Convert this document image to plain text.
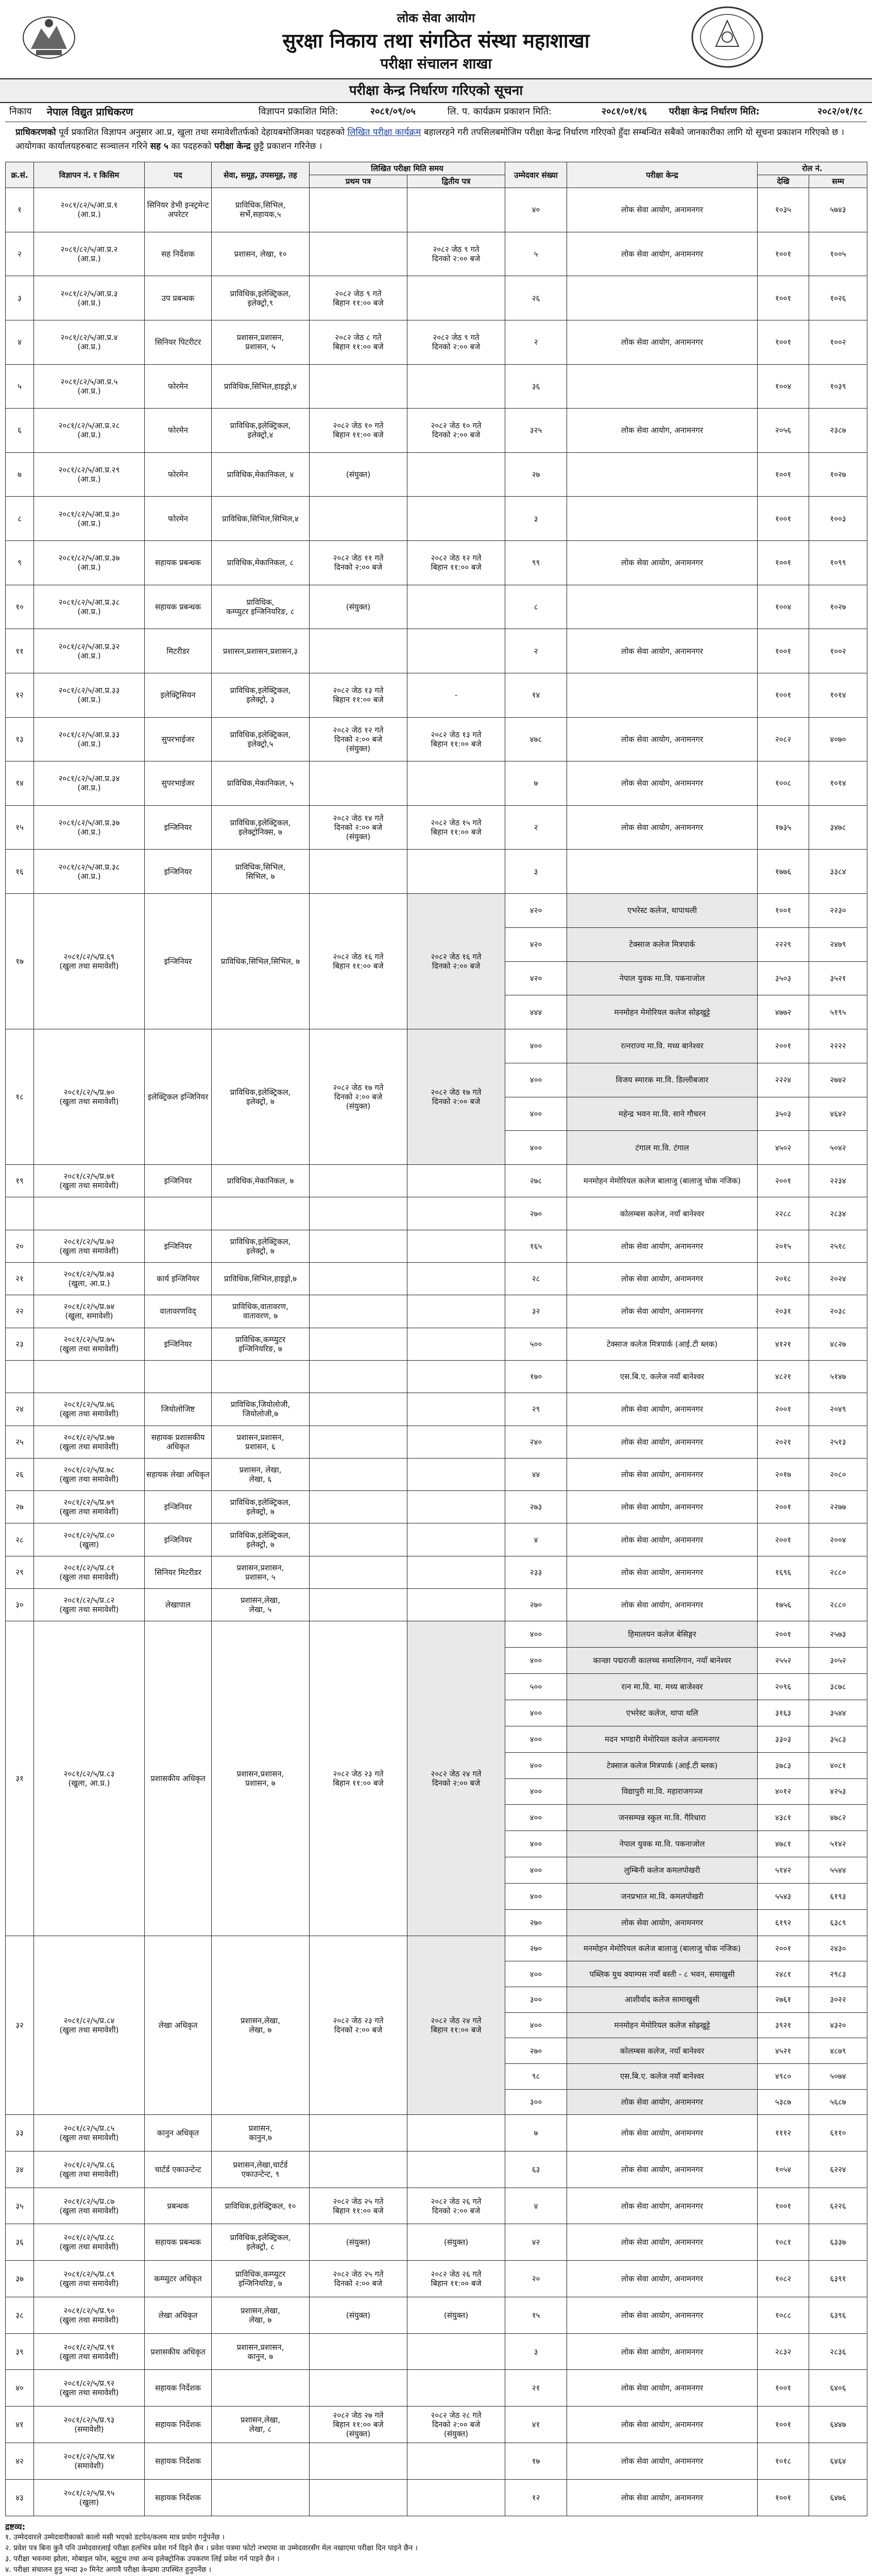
लोक सेवा आयोग
सुरक्षा निकाय तथा संगठित संस्था महाशाखा
परीक्षा संचालन शाखा
परीक्षा केन्द्र निर्धारण गरिएको सूचना
निकाय	नेपाल विद्युत प्राधिकरण	विज्ञापन प्रकाशित मिति:	२०८१/०९/०५	लि. प. कार्यक्रम प्रकाशन मिति:	२०८१/०१/१६	परीक्षा केन्द्र निर्धारण मिति:	२०८२/०१/१८
प्राधिकरणको पूर्व प्रकाशित विज्ञापन अनुसार आ.प्र, खुला तथा समावेशीतर्फको देहायबमोजिमका पदहरुको लिखित परीक्षा कार्यक्रम बहालरहने गरी तपसिलबमोजिम परीक्षा केन्द्र निर्धारण गरिएको हुँदा सम्बन्धित सबैको जानकारीका लागि यो सूचना प्रकाशन गरिएको छ । आयोगका कार्यालयहरुबाट सञ्चालन गरिने सह ५ का पदहरुको परीक्षा केन्द्र छुट्टै प्रकाशन गरिनेछ ।
क्र.सं.	विज्ञापन नं. र किसिम	पद	सेवा, समूह, उपसमूह, तह	लिखित परीक्षा मिति समय		उम्मेदवार संख्या	परीक्षा केन्द्र	रोल नं.	
				प्रथम पत्र	द्वितीय पत्र			देखि	सम्म
१	२०८१/८२/५/आ.प्र.१
(आ.प्र.)	सिनियर डेभी इन्स्ट्रमेन्ट अपरेटर	प्राविधिक,सिभिल,
सर्भे,सहायक,५			४०	लोक सेवा आयोग, अनामनगर	१०३५	५७४३
२	२०८१/८२/५/आ.प्र.२
(आ.प्र.)	सह निर्देशक	प्रशासन, लेखा, १०		२०८२ जेठ ९ गते
दिनको २:०० बजे	५	लोक सेवा आयोग, अनामनगर	१००१	१००५
३	२०८१/८२/५/आ.प्र.३
(आ.प्र.)	उप प्रबन्धक	प्राविधिक,इलेक्ट्रिकल,
इलेक्ट्रो,९	२०८२ जेठ ९ गते
बिहान ११:०० बजे		२६		१००१	१०२६
४	२०८१/८२/५/आ.प्र.४
(आ.प्र.)	सिनियर पिटरीटर	प्रशासन,प्रशासन,
प्रशासन, ५	२०८२ जेठ ८ गते
बिहान ११:०० बजे	२०८२ जेठ ९ गते
दिनको २:०० बजे	२	लोक सेवा आयोग, अनामनगर	१००१	१००२
५	२०८१/८२/५/आ.प्र.५
(आ.प्र.)	फोरमेन	प्राविधिक,सिभिल,हाइड्रो,४			३६		१००४	१०३९
६	२०८१/८२/५/आ.प्र.२८
(आ.प्र.)	फोरमेन	प्राविधिक,इलेक्ट्रिकल,
इलेक्ट्रो,४	२०८२ जेठ १० गते
बिहान ११:०० बजे	२०८२ जेठ १० गते
दिनको २:०० बजे	३२५	लोक सेवा आयोग, अनामनगर	२०५६	२३८७
७	२०८१/८२/५/आ.प्र.२९
(आ.प्र.)	फोरमेन	प्राविधिक,मेकानिकल, ४	(संयुक्त)		२७		१००१	१०२७
८	२०८१/८२/५/आ.प्र.३०
(आ.प्र.)	फोरमेन	प्राविधिक,सिभिल,सिभिल,४			३		१००१	१००३
९	२०८१/८२/५/आ.प्र.३७
(आ.प्र.)	सहायक प्रबन्धक	प्राविधिक,मेकानिकल, ८	२०८२ जेठ ११ गते
दिनको २:०० बजे	२०८२ जेठ १२ गते
बिहान ११:०० बजे	९९	लोक सेवा आयोग, अनामनगर	१००१	१०९९
१०	२०८१/८२/५/आ.प्र.३८
(आ.प्र.)	सहायक प्रबन्धक	प्राविधिक,
कम्प्युटर इन्जिनियरिङ, ८	(संयुक्त)		८		१००४	१०२७
११	२०८१/८२/५/आ.प्र.३२
(आ.प्र.)	मिटरीडर	प्रशासन,प्रशासन,प्रशासन,३			२	लोक सेवा आयोग, अनामनगर	१००१	१००२
१२	२०८१/८२/५/आ.प्र.३३
(आ.प्र.)	इलेक्ट्रिसियन	प्राविधिक,इलेक्ट्रिकल,
इलेक्ट्रो, ३	२०८२ जेठ १३ गते
बिहान ११:०० बजे	-	१४		१००१	१०१४
१३	२०८१/८२/५/आ.प्र.३३
(आ.प्र.)	सुपरभाईजर	प्राविधिक,इलेक्ट्रिकल,
इलेक्ट्रो,५	२०८२ जेठ १२ गते
दिनको २:०० बजे
(संयुक्त)	२०८२ जेठ १३ गते
बिहान ११:०० बजे	४७८	लोक सेवा आयोग, अनामनगर	२०८२	४०७०
१४	२०८१/८२/५/आ.प्र.३४
(आ.प्र.)	सुपरभाईजर	प्राविधिक,मेकानिकल, ५			७	लोक सेवा आयोग, अनामनगर	१००८	१०१४
१५	२०८१/८२/५/आ.प्र.३७
(आ.प्र.)	इन्जिनियर	प्राविधिक,इलेक्ट्रिकल,
इलेक्ट्रोनिक्स, ७	२०८२ जेठ १४ गते
दिनको २:०० बजे
(संयुक्त)	२०८२ जेठ १५ गते
बिहान ११:०० बजे	२	लोक सेवा आयोग, अनामनगर	१७३५	३४७८
१६	२०८१/८२/५/आ.प्र.३८
(आ.प्र.)	इन्जिनियर	प्राविधिक,सिभिल,
सिभिल, ७			३		१७७६	३३८४
१७	२०८१/८२/५/प्र.६९
(खुला तथा समावेशी)	इन्जिनियर	प्राविधिक,सिभिल,सिभिल, ७	२०८२ जेठ १६ गते
बिहान ११:०० बजे	२०८२ जेठ १६ गते
दिनको २:०० बजे	४२०	एभरेस्ट कलेज, थापाथली	१००१	२२३०
						४२०	टेक्साज कलेज मित्रपार्क	२२२९	२४७९
						४२०	नेपाल युवक मा.वि. पकनाजोल	३५०३	३५२१
						४४४	मनमोहन मेमोरियल कलेज सोह्रखुट्टे	४७७२	५१९५
१८	२०८१/८२/५/प्र.७०
(खुला तथा समावेशी)	इलेक्ट्रिकल इन्जिनियर	प्राविधिक,इलेक्ट्रिकल,
इलेक्ट्रो, ७	२०८२ जेठ १७ गते
दिनको २:०० बजे
(संयुक्त)	२०८२ जेठ १७ गते
दिनको २:०० बजे	४००	रत्नराज्य मा.वि. मध्य बानेश्वर	२००१	२२२२
						४००	विजय स्मारक मा.वि. डिल्लीबजार	२२२४	२७४२
						४००	महेन्द्र भवन मा.वि. साने गौचरन	३५०३	४६४२
						४००	टंगाल मा.वि. टंगाल	४५०२	५०४२
१९	२०८१/८२/५/प्र.७१
(खुला तथा समावेशी)	इन्जिनियर	प्राविधिक,मेकानिकल, ७			२७८	मनमोहन मेमोरियल कलेज बालाजु (बालाजु चोक नजिक)	२००१	२२३४
						२७०	कोलम्बस कलेज, नयाँ बानेश्वर	२२८८	२८३४
२०	२०८१/८२/५/प्र.७२
(खुला तथा समावेशी)	इन्जिनियर	प्राविधिक,इलेक्ट्रिकल,
इलेक्ट्रो, ७			१६५	लोक सेवा आयोग, अनामनगर	२०१५	२५१८
२१	२०८१/८२/५/प्र.७३
(खुला, आ.प्र.)	कार्य इन्जिनियर	प्राविधिक,सिभिल,हाइड्रो,७			२८	लोक सेवा आयोग, अनामनगर	२०१८	२०२४
२२	२०८१/८२/५/प्र.७४
(खुला, समावेशी)	वातावरणविद्	प्राविधिक,वातावरण,
वातावरण, ७			३२	लोक सेवा आयोग, अनामनगर	२०३१	२०३८
२३	२०८१/८२/५/प्र.७५
(खुला तथा समावेशी)	इन्जिनियर	प्राविधिक,कम्प्युटर
इन्जिनियरिङ, ७			५००	टेक्साज कलेज मित्रपार्क (आई.टी ब्लक)	४१२१	४८२७
						१७०	एस.बि.ए. कलेज नयाँ बानेश्वर	४८२१	५१४७
२४	२०८१/८२/५/प्र.७६
(खुला तथा समावेशी)	जियोलोजिष्ट	प्राविधिक,जियोलोजी,
जियोलोजी,७			२९	लोक सेवा आयोग, अनामनगर	२००१	२०४९
२५	२०८१/८२/५/प्र.७७
(खुला तथा समावेशी)	सहायक प्रशासकीय अधिकृत	प्रशासन,प्रशासन,
प्रशासन, ६			२४०	लोक सेवा आयोग, अनामनगर	२०२१	२५१३
२६	२०८१/८२/५/प्र.७८
(खुला तथा समावेशी)	सहायक लेखा अधिकृत	प्रशासन, लेखा,
लेखा, ६			४४	लोक सेवा आयोग, अनामनगर	२०१७	२०८०
२७	२०८१/८२/५/प्र.७९
(खुला तथा समावेशी)	इन्जिनियर	प्राविधिक,इलेक्ट्रिकल,
इलेक्ट्रो, ७			२७३	लोक सेवा आयोग, अनामनगर	२००१	२२७७
२८	२०८१/८२/५/प्र.८०
(खुला)	इन्जिनियर	प्राविधिक,इलेक्ट्रिकल,
इलेक्ट्रो, ७			४	लोक सेवा आयोग, अनामनगर	२००१	२००४
२९	२०८१/८२/५/प्र.८१
(खुला तथा समावेशी)	सिनियर मिटरीडर	प्रशासन,प्रशासन,
प्रशासन, ५			२३३	लोक सेवा आयोग, अनामनगर	१६९६	२८८०
३०	२०८१/८२/५/प्र.८२
(खुला तथा समावेशी)	लेखापाल	प्रशासन,लेखा,
लेखा, ५			२७०	लोक सेवा आयोग, अनामनगर	१७५६	२८८०
३१	२०८१/८२/५/प्र.८३
(खुला, आ.प्र.)	प्रशासकीय अधिकृत	प्रशासन,प्रशासन,
प्रशासन, ७	२०८२ जेठ २३ गते
बिहान ११:०० बजे	२०८२ जेठ २४ गते
दिनको २:०० बजे	४००	हिमालयन कलेज बेसिङ्गर	२००१	२५७३
						४००	कान्छा पद्मराजी कालच्च समालिगान, नयाँ बानेश्वर	२५५२	३०५२
						५००	रत्न मा.वि. मा. मध्य बाजेश्वर	२०९६	३८७८
						४००	एभरेस्ट कलेज, थापा थलि	३१६३	३५४४
						४००	मदन भण्डारी मेमोरियल कलेज अनामनगर	३३०३	३५८३
						४००	टेक्साज कलेज मित्रपार्क (आई.टी ब्लक)	३७८३	४०८१
						४००	विद्यापुरी मा.वि. महाराजगञ्ज	४०१२	४२५३
						४००	जनसम्पन्न स्कुल मा.वि. गैरिधारा	४३८१	४७८२
						४००	नेपाल युवक मा.वि. पकनाजोल	४७८१	५१४२
						४००	लुम्बिनी कलेज कमलपोखरी	५१४२	५५४४
						४००	जनप्रभात मा.वि. कमलपोखरी	५५४३	६१९३
						२७०	लोक सेवा आयोग, अनामनगर	६१९२	६३८९
३२	२०८१/८२/५/प्र.८४
(खुला तथा समावेशी)	लेखा अधिकृत	प्रशासन,लेखा,
लेखा, ७	२०८२ जेठ २३ गते
दिनको २:०० बजे	२०८२ जेठ २४ गते
बिहान ११:०० बजे	२७०	मनमोहन मेमोरियल कलेज बालाजु (बालाजु चोक नजिक)	२००१	२४३०
						४००	पब्लिक युथ क्याम्पस नयाँ बस्ती - ८ भवन, समाखुसी	२४८१	२९८३
						३००	आशीर्वाद कलेज सामाखुसी	२७६१	३०२२
						४००	मनमोहन मेमोरियल कलेज सोह्रखुट्टे	३९२१	४३२०
						२७०	कोलम्बस कलेज, नयाँ बानेश्वर	४५२१	४८७९
						९८	एस.बि.ए. कलेज नयाँ बानेश्वर	४९८०	५०७४
						३००	लोक सेवा आयोग, अनामनगर	५३८७	५६८७
३३	२०८१/८२/५/प्र.८५
(खुला तथा समावेशी)	कानुन अधिकृत	प्रशासन,
कानुन,७			७	लोक सेवा आयोग, अनामनगर	१११२	६११०
३४	२०८१/८२/५/प्र.८६
(खुला तथा समावेशी)	चार्टर्ड एकाउन्टेन्ट	प्रशासन,लेखा,चार्टर्ड
एकाउन्टेन्ट, ९			६३	लोक सेवा आयोग, अनामनगर	१०५४	६२२४
३५	२०८१/८२/५/प्र.८७
(खुला तथा समावेशी)	प्रबन्धक	प्राविधिक,इलेक्ट्रिकल, १०	२०८२ जेठ २५ गते
बिहान ११:०० बजे	२०८२ जेठ २६ गते
दिनको २:०० बजे	४	लोक सेवा आयोग, अनामनगर	१००१	६२२६
३६	२०८१/८२/५/प्र.८८
(खुला तथा समावेशी)	सहायक प्रबन्धक	प्राविधिक,इलेक्ट्रिकल,
इलेक्ट्रो, ८	(संयुक्त)	(संयुक्त)	४२	लोक सेवा आयोग, अनामनगर	१०८१	६३३७
३७	२०८१/८२/५/प्र.८९
(खुला तथा समावेशी)	कम्प्युटर अधिकृत	प्राविधिक,कम्प्युटर
इन्जिनियरिङ, ७	२०८२ जेठ २५ गते
दिनको २:०० बजे	२०८२ जेठ २६ गते
बिहान ११:०० बजे	२०	लोक सेवा आयोग, अनामनगर	१०८२	६३९१
३८	२०८१/८२/५/प्र.९०
(खुला तथा समावेशी)	लेखा अधिकृत	प्रशासन,लेखा,
लेखा, ७	(संयुक्त)	(संयुक्त)	१५	लोक सेवा आयोग, अनामनगर	१०८८	६३९६
३९	२०८१/८२/५/प्र.९१
(खुला तथा समावेशी)	प्रशासकीय अधिकृत	प्रशासन,प्रशासन,
कानुन, ७			३	लोक सेवा आयोग, अनामनगर	२८३२	२८३६
४०	२०८१/८२/५/प्र.९२
(खुला तथा समावेशी)	सहायक निर्देशक				२१	लोक सेवा आयोग, अनामनगर	१००१	६४०६
४१	२०८१/८२/५/प्र.९३
(समावेशी)	सहायक निर्देशक	प्रशासन,लेखा,
लेखा, ८	२०८२ जेठ २७ गते
बिहान ११:०० बजे
(संयुक्त)	२०८२ जेठ २८ गते
दिनको २:०० बजे
(संयुक्त)	४१	लोक सेवा आयोग, अनामनगर	१००१	६४४७
४२	२०८१/८२/५/प्र.९४
(समावेशी)	सहायक निर्देशक				१७	लोक सेवा आयोग, अनामनगर	१०१८	६४६४
४३	२०८१/८२/५/प्र.९५
(खुला)	सहायक निर्देशक				१२	लोक सेवा आयोग, अनामनगर	१००१	६४७६
द्रष्टव्य:
१. उम्मेदवारले उम्मेदवारीकाको कालो मसी भएको डटपेन/कलम मात्र प्रयोग गर्नुपर्नेछ ।
२. प्रवेश पत्र बिना कुनै पनि उम्मेदवारलाई परीक्षा हलभित्र प्रवेश गर्न दिइने छैन । प्रवेश पत्रमा फोटो नभएमा वा उम्मेदवारसँग मेल नखाएमा परीक्षा दिन पाइने छैन ।
३. परीक्षा भवनमा झोला, मोबाइल फोन, ब्लुटुथ तथा अन्य इलेक्ट्रोनिक उपकरण लिई प्रवेश गर्न पाइने छैन ।
४. परीक्षा संचालन हुनु भन्दा ३० मिनेट अगावै परीक्षा केन्द्रमा उपस्थित हुनुपर्नेछ ।
